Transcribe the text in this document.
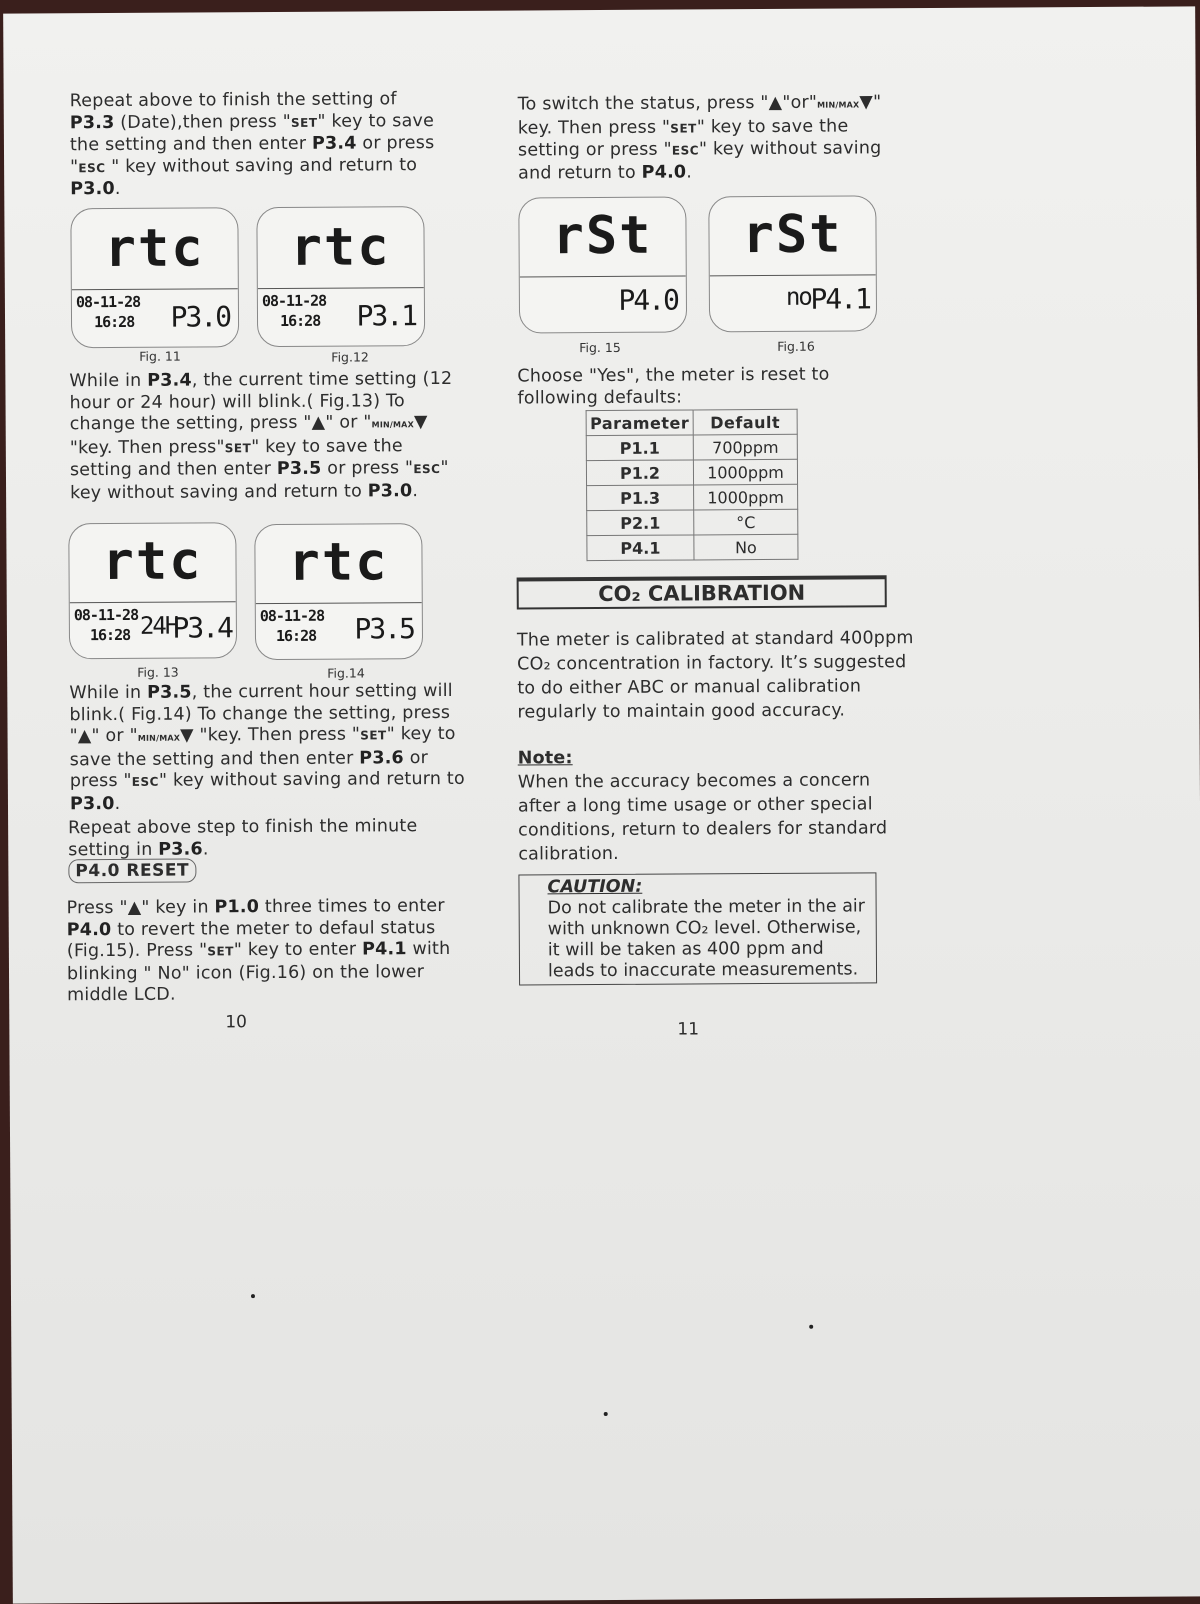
Repeat above to finish the setting of
P3.3 (Date),then press "SET" key to save the setting and then enter P3.4 or press "ESC " key without saving and return to P3.0.

rtc
08-11-28
16:28 P3.0
Fig. 11
rtc
08-11-28
16:28 P3.1
Fig.12

While in P3.4, the current time setting (12 hour or 24 hour) will blink.( Fig.13) To change the setting, press "▲" or "MIN/MAX▼ "key. Then press"SET" key to save the setting and then enter P3.5 or press "ESC" key without saving and return to P3.0.

rtc
08-11-28
16:28 24H
P3.4
Fig. 13
rtc
08-11-28
16:28 P3.5
Fig.14

While in P3.5, the current hour setting will blink.( Fig.14) To change the setting, press "▲" or "MIN/MAX▼ "key. Then press "SET" key to save the setting and then enter P3.6 or press "ESC" key without saving and return to P3.0.

Repeat above step to finish the minute setting in P3.6.

P4.0 RESET

Press "▲" key in P1.0 three times to enter P4.0 to revert the meter to defaul status (Fig.15). Press "SET" key to enter P4.1 with blinking " No" icon (Fig.16) on the lower middle LCD.

10

To switch the status, press "▲"or"MIN/MAX▼" key. Then press "SET" key to save the setting or press "ESC" key without saving and return to P4.0.

rSt
P4.0
Fig. 15
rSt
no P4.1
Fig.16

Choose "Yes", the meter is reset to following defaults:

Parameter	Default
P1.1	700ppm
P1.2	1000ppm
P1.3	1000ppm
P2.1	°C
P4.1	No
CO₂ CALIBRATION

The meter is calibrated at standard 400ppm CO₂ concentration in factory. It’s suggested to do either ABC or manual calibration regularly to maintain good accuracy.

Note:

When the accuracy becomes a concern after a long time usage or other special conditions, return to dealers for standard calibration.

CAUTION:
Do not calibrate the meter in the air with unknown CO₂ level. Otherwise, it will be taken as 400 ppm and leads to inaccurate measurements.
11
